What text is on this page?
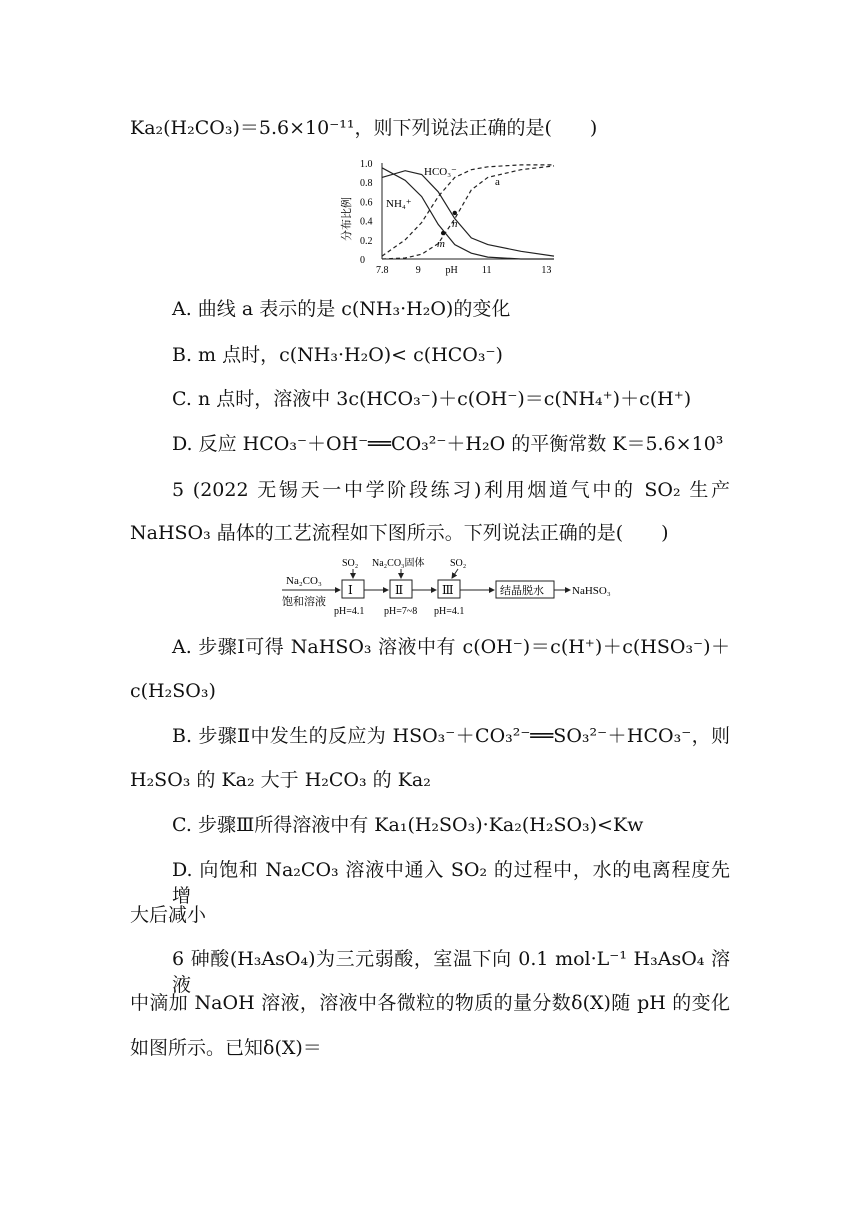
Ka₂(H₂CO₃)＝5.6×10⁻¹¹，则下列说法正确的是(　　)
分布比例
1.0
0.8
0.6
0.4
0.2
0
7.8	9 pH 11	13
HCO₃⁻
NH₄⁺
a
m
n
A. 曲线 a 表示的是 c(NH₃·H₂O)的变化
B. m 点时，c(NH₃·H₂O)< c(HCO₃⁻)
C. n 点时，溶液中 3c(HCO₃⁻)＋c(OH⁻)＝c(NH₄⁺)＋c(H⁺)
D. 反应 HCO₃⁻＋OH⁻══CO₃²⁻＋H₂O 的平衡常数 K＝5.6×10³
5 (2022 无锡天一中学阶段练习)利用烟道气中的 SO₂ 生产
NaHSO₃ 晶体的工艺流程如下图所示。下列说法正确的是(　　)
Na₂CO₃
饱和溶液
Ⅰ
SO₂
pH=4.1
Ⅱ
Na₂CO₃固体
pH=7~8
Ⅲ
SO₂
pH=4.1
结晶脱水	NaHSO₃
A. 步骤Ⅰ可得 NaHSO₃ 溶液中有 c(OH⁻)＝c(H⁺)＋c(HSO₃⁻)＋
c(H₂SO₃)
B. 步骤Ⅱ中发生的反应为 HSO₃⁻＋CO₃²⁻══SO₃²⁻＋HCO₃⁻，则
H₂SO₃ 的 Ka₂ 大于 H₂CO₃ 的 Ka₂
C. 步骤Ⅲ所得溶液中有 Ka₁(H₂SO₃)·Ka₂(H₂SO₃)<Kw
D. 向饱和 Na₂CO₃ 溶液中通入 SO₂ 的过程中，水的电离程度先增
大后减小
6 砷酸(H₃AsO₄)为三元弱酸，室温下向 0.1 mol·L⁻¹ H₃AsO₄ 溶液
中滴加 NaOH 溶液，溶液中各微粒的物质的量分数δ(X)随 pH 的变化
如图所示。已知δ(X)＝
